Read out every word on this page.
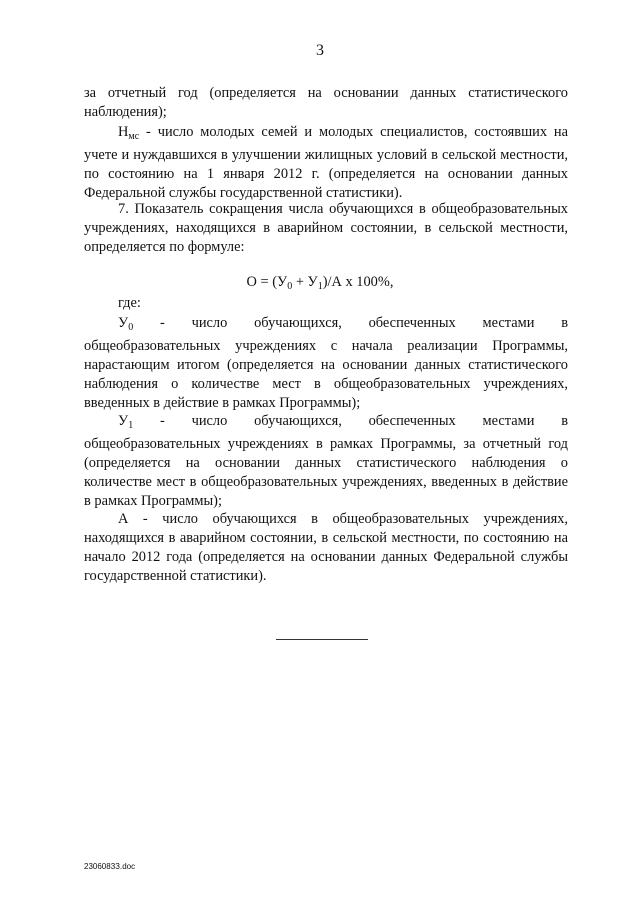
3

за отчетный год (определяется на основании данных статистического наблюдения);

$Н_{мс}$ - число молодых семей и молодых специалистов, состоявших на учете и нуждавшихся в улучшении жилищных условий в сельской местности, по состоянию на 1 января 2012 г. (определяется на основании данных Федеральной службы государственной статистики).

7. Показатель сокращения числа обучающихся в общеобразовательных учреждениях, находящихся в аварийном состоянии, в сельской местности, определяется по формуле:

$О = (У_0 + У_1)/А$ х 100%,
где:

$У_0$ - число обучающихся, обеспеченных местами в общеобразовательных учреждениях с начала реализации Программы, нарастающим итогом (определяется на основании данных статистического наблюдения о количестве мест в общеобразовательных учреждениях, введенных в действие в рамках Программы);

$У_1$ - число обучающихся, обеспеченных местами в общеобразовательных учреждениях в рамках Программы, за отчетный год (определяется на основании данных статистического наблюдения о количестве мест в общеобразовательных учреждениях, введенных в действие в рамках Программы);

А - число обучающихся в общеобразовательных учреждениях, находящихся в аварийном состоянии, в сельской местности, по состоянию на начало 2012 года (определяется на основании данных Федеральной службы государственной статистики).

2306083З.doc
